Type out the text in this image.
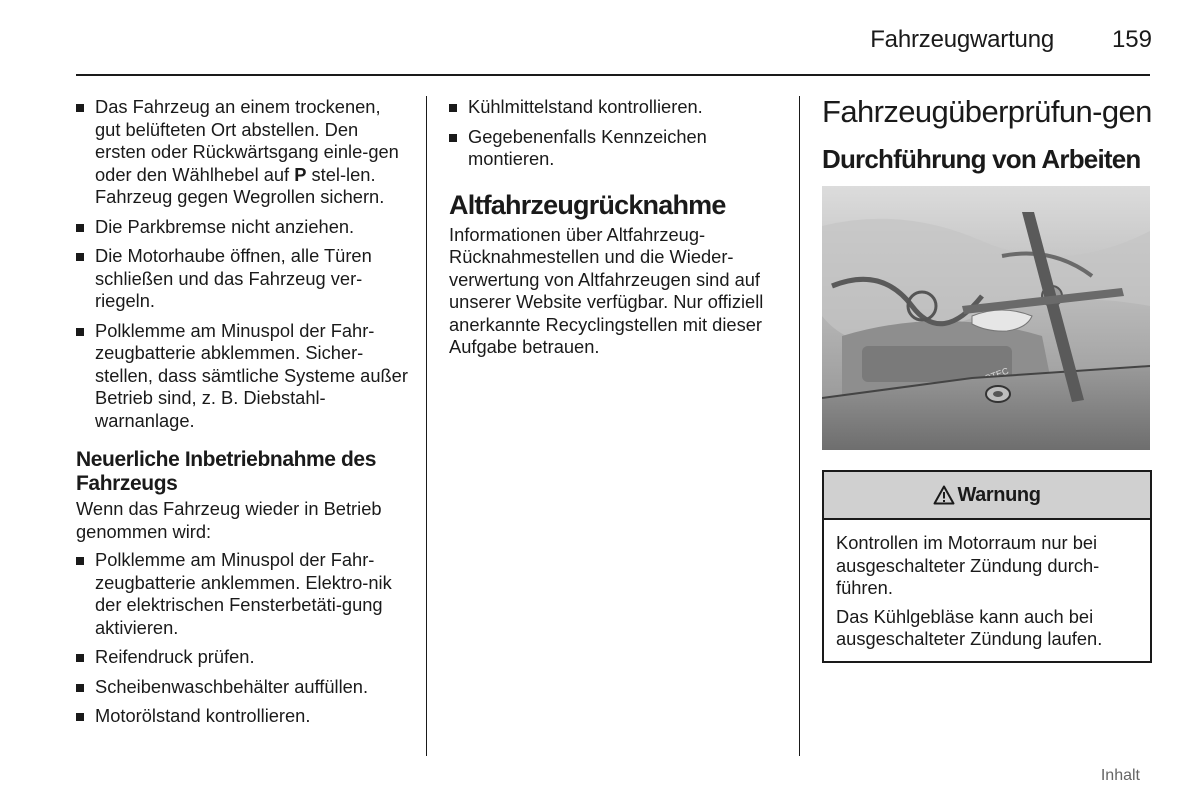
Fahrzeugwartung 159
Das Fahrzeug an einem trockenen, gut belüfteten Ort abstellen. Den ersten oder Rückwärtsgang einle-gen oder den Wählhebel auf P stel-len. Fahrzeug gegen Wegrollen sichern.
Die Parkbremse nicht anziehen.
Die Motorhaube öffnen, alle Türen schließen und das Fahrzeug ver-riegeln.
Polklemme am Minuspol der Fahr-zeugbatterie abklemmen. Sicher-stellen, dass sämtliche Systeme außer Betrieb sind, z. B. Diebstahl-warnanlage.
Neuerliche Inbetriebnahme des Fahrzeugs

Wenn das Fahrzeug wieder in Betrieb genommen wird:

Polklemme am Minuspol der Fahr-zeugbatterie anklemmen. Elektro-nik der elektrischen Fensterbetäti-gung aktivieren.
Reifendruck prüfen.
Scheibenwaschbehälter auffüllen.
Motorölstand kontrollieren.
Kühlmittelstand kontrollieren.
Gegebenenfalls Kennzeichen montieren.
Altfahrzeugrücknahme

Informationen über Altfahrzeug-Rücknahmestellen und die Wieder-verwertung von Altfahrzeugen sind auf unserer Website verfügbar. Nur offiziell anerkannte Recyclingstellen mit dieser Aufgabe betrauen.

Fahrzeugüberprüfun-gen
Durchführung von Arbeiten
Warnung

Kontrollen im Motorraum nur bei ausgeschalteter Zündung durch-führen.

Das Kühlgebläse kann auch bei ausgeschalteter Zündung laufen.

Inhalt
